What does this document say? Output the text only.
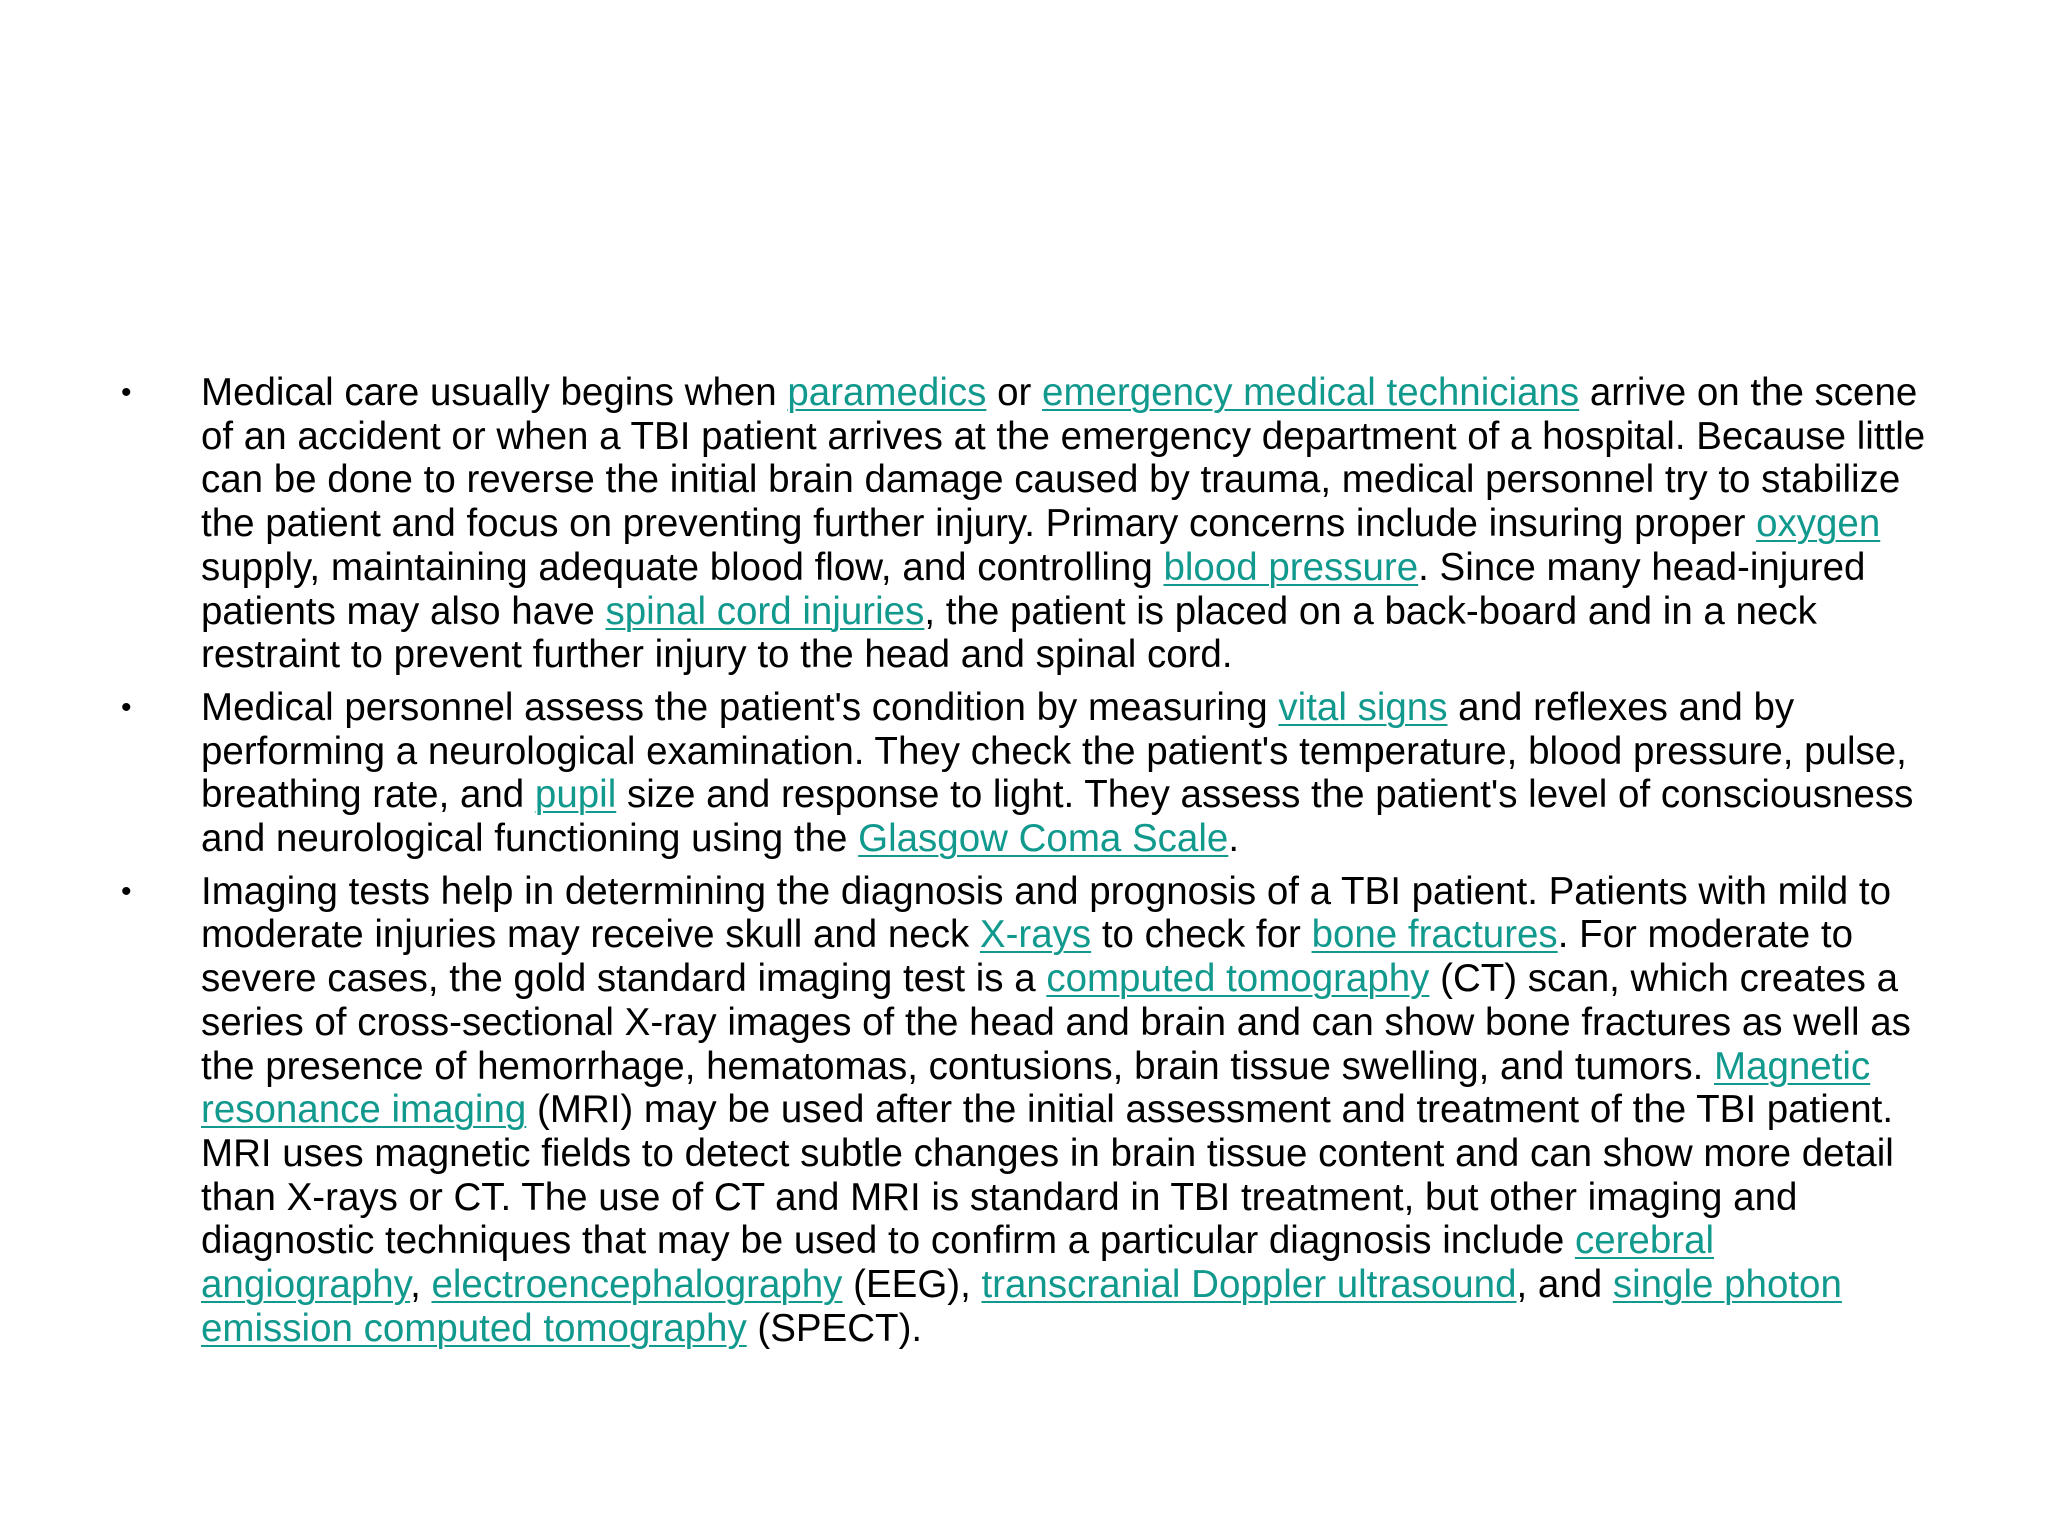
• Medical care usually begins when paramedics or emergency medical technicians arrive on the scene of an accident or when a TBI patient arrives at the emergency department of a hospital. Because little can be done to reverse the initial brain damage caused by trauma, medical personnel try to stabilize the patient and focus on preventing further injury. Primary concerns include insuring proper oxygen supply, maintaining adequate blood flow, and controlling blood pressure. Since many head-injured patients may also have spinal cord injuries, the patient is placed on a back-board and in a neck restraint to prevent further injury to the head and spinal cord.
• Medical personnel assess the patient's condition by measuring vital signs and reflexes and by performing a neurological examination. They check the patient's temperature, blood pressure, pulse, breathing rate, and pupil size and response to light. They assess the patient's level of consciousness and neurological functioning using the Glasgow Coma Scale.
• Imaging tests help in determining the diagnosis and prognosis of a TBI patient. Patients with mild to moderate injuries may receive skull and neck X-rays to check for bone fractures. For moderate to severe cases, the gold standard imaging test is a computed tomography (CT) scan, which creates a series of cross-sectional X-ray images of the head and brain and can show bone fractures as well as the presence of hemorrhage, hematomas, contusions, brain tissue swelling, and tumors. Magnetic resonance imaging (MRI) may be used after the initial assessment and treatment of the TBI patient. MRI uses magnetic fields to detect subtle changes in brain tissue content and can show more detail than X-rays or CT. The use of CT and MRI is standard in TBI treatment, but other imaging and diagnostic techniques that may be used to confirm a particular diagnosis include cerebral angiography, electroencephalography (EEG), transcranial Doppler ultrasound, and single photon emission computed tomography (SPECT).
